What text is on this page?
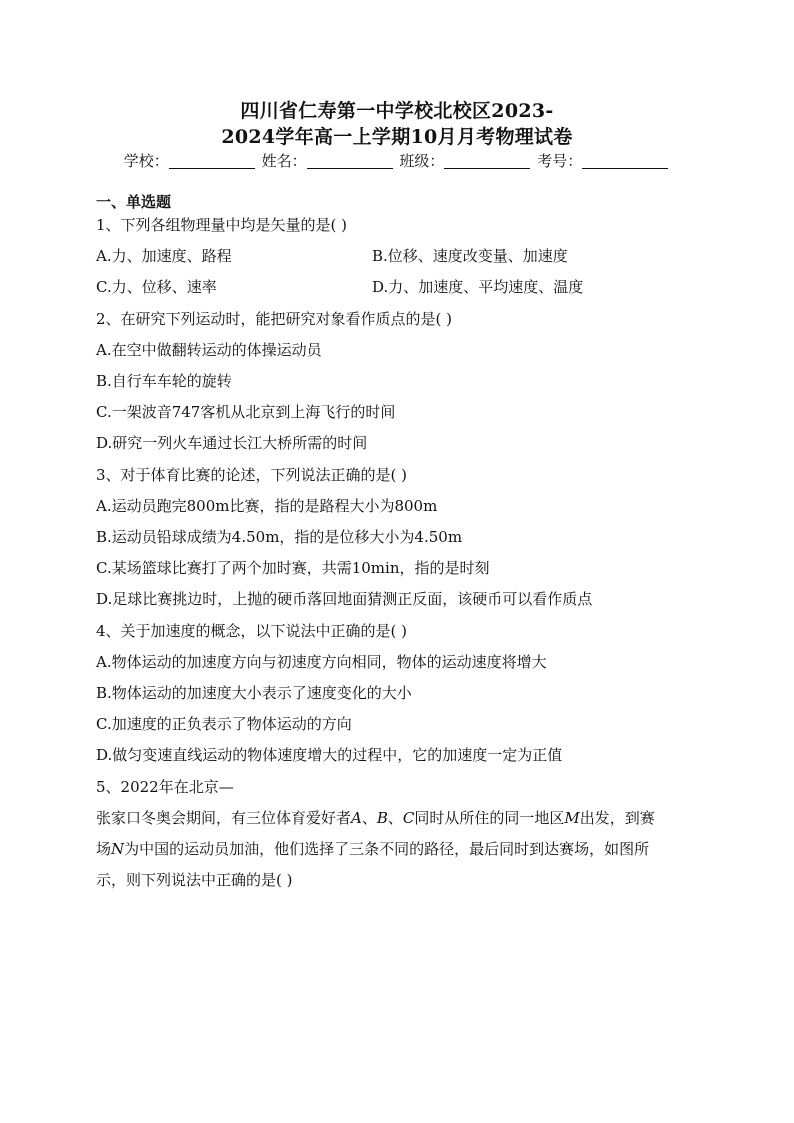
四川省仁寿第一中学校北校区2023-
2024学年高一上学期10月月考物理试卷
学校：	姓名：	班级：	考号：
一、单选题
1、下列各组物理量中均是矢量的是( )
A.力、加速度、路程	B.位移、速度改变量、加速度
C.力、位移、速率	D.力、加速度、平均速度、温度
2、在研究下列运动时，能把研究对象看作质点的是( )
A.在空中做翻转运动的体操运动员
B.自行车车轮的旋转
C.一架波音747客机从北京到上海飞行的时间
D.研究一列火车通过长江大桥所需的时间
3、对于体育比赛的论述，下列说法正确的是( )
A.运动员跑完800m比赛，指的是路程大小为800m
B.运动员铅球成绩为4.50m，指的是位移大小为4.50m
C.某场篮球比赛打了两个加时赛，共需10min，指的是时刻
D.足球比赛挑边时，上抛的硬币落回地面猜测正反面，该硬币可以看作质点
4、关于加速度的概念，以下说法中正确的是( )
A.物体运动的加速度方向与初速度方向相同，物体的运动速度将增大
B.物体运动的加速度大小表示了速度变化的大小
C.加速度的正负表示了物体运动的方向
D.做匀变速直线运动的物体速度增大的过程中，它的加速度一定为正值
5、2022年在北京—
张家口冬奥会期间，有三位体育爱好者A、B、C同时从所住的同一地区M出发，到赛
场N为中国的运动员加油，他们选择了三条不同的路径，最后同时到达赛场，如图所
示，则下列说法中正确的是( )
